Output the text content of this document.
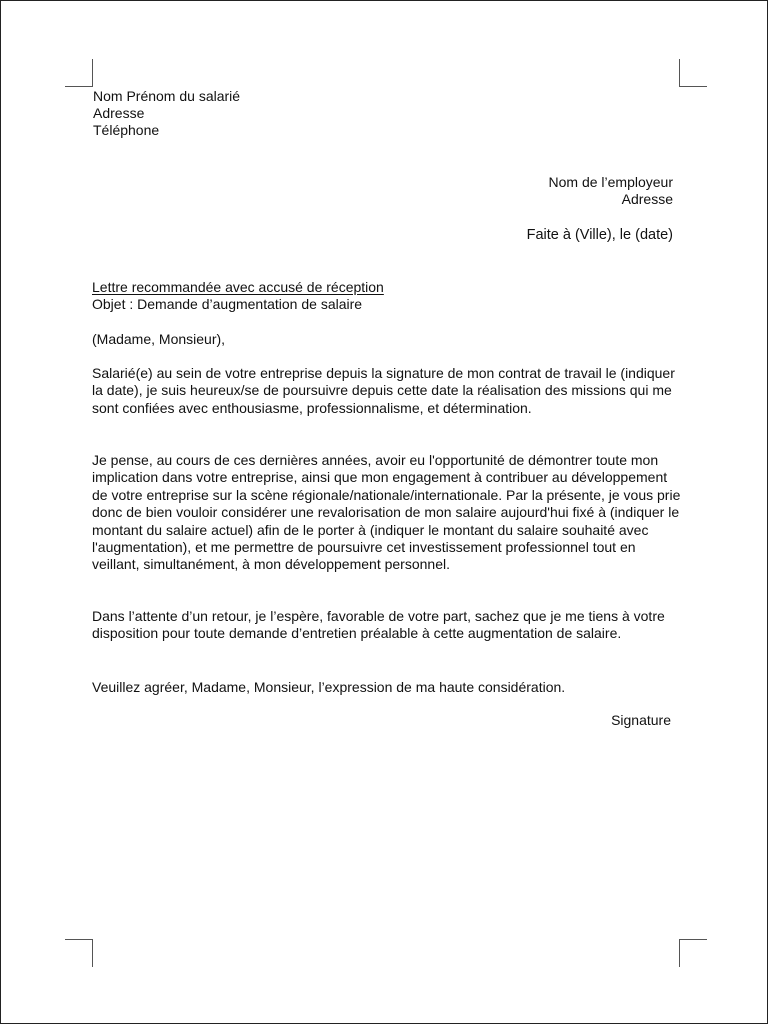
Nom Prénom du salarié
Adresse
Téléphone
Nom de l’employeur
Adresse
Faite à (Ville), le (date)
Lettre recommandée avec accusé de réception
Objet : Demande d’augmentation de salaire
(Madame, Monsieur),

Salarié(e) au sein de votre entreprise depuis la signature de mon contrat de travail le (indiquer la date), je suis heureux/se de poursuivre depuis cette date la réalisation des missions qui me sont confiées avec enthousiasme, professionnalisme, et détermination.

Je pense, au cours de ces dernières années, avoir eu l'opportunité de démontrer toute mon implication dans votre entreprise, ainsi que mon engagement à contribuer au développement de votre entreprise sur la scène régionale/nationale/internationale. Par la présente, je vous prie donc de bien vouloir considérer une revalorisation de mon salaire aujourd'hui fixé à (indiquer le montant du salaire actuel) afin de le porter à (indiquer le montant du salaire souhaité avec l'augmentation), et me permettre de poursuivre cet investissement professionnel tout en veillant, simultanément, à mon développement personnel.

Dans l’attente d’un retour, je l’espère, favorable de votre part, sachez que je me tiens à votre disposition pour toute demande d’entretien préalable à cette augmentation de salaire.

Veuillez agréer, Madame, Monsieur, l’expression de ma haute considération.

Signature
